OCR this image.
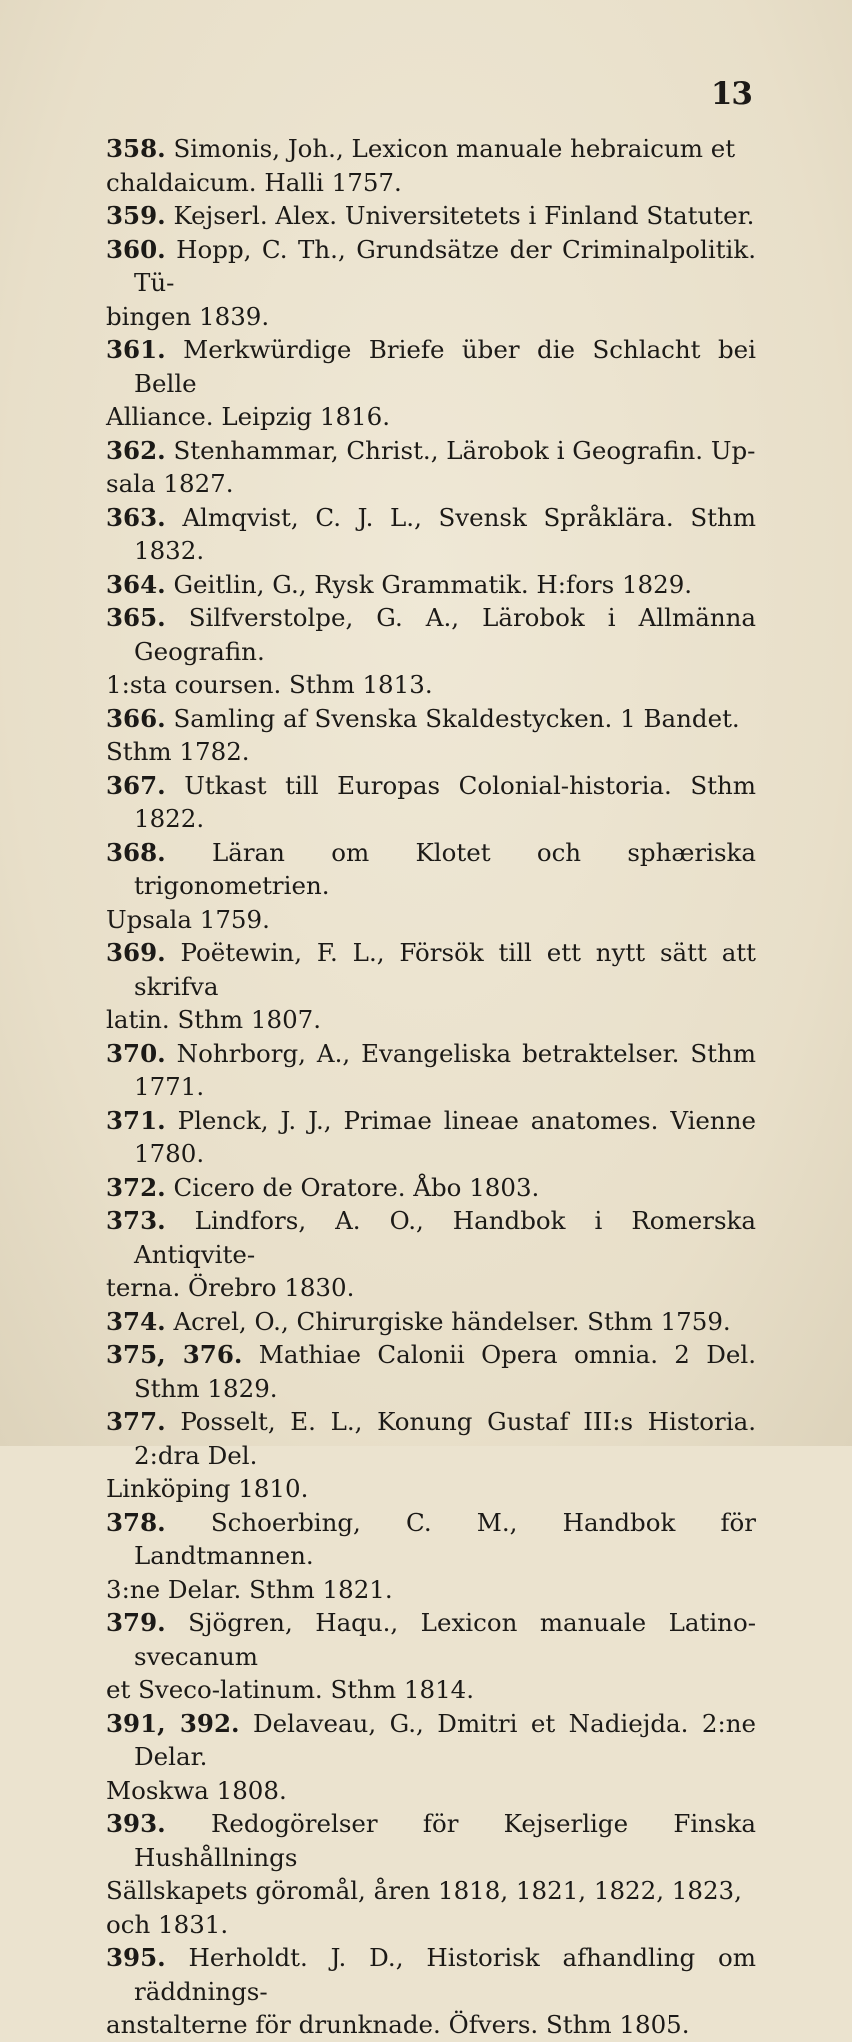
13
358. Simonis, Joh., Lexicon manuale hebraicum et
chaldaicum. Halli 1757.
359. Kejserl. Alex. Universitetets i Finland Statuter.
360. Hopp, C. Th., Grundsätze der Criminalpolitik. Tü-
bingen 1839.
361. Merkwürdige Briefe über die Schlacht bei Belle
Alliance. Leipzig 1816.
362. Stenhammar, Christ., Lärobok i Geografin. Up-
sala 1827.
363. Almqvist, C. J. L., Svensk Språklära. Sthm 1832.
364. Geitlin, G., Rysk Grammatik. H:fors 1829.
365. Silfverstolpe, G. A., Lärobok i Allmänna Geografin.
1:sta coursen. Sthm 1813.
366. Samling af Svenska Skaldestycken. 1 Bandet.
Sthm 1782.
367. Utkast till Europas Colonial-historia. Sthm 1822.
368. Läran om Klotet och sphæriska trigonometrien.
Upsala 1759.
369. Poëtewin, F. L., Försök till ett nytt sätt att skrifva
latin. Sthm 1807.
370. Nohrborg, A., Evangeliska betraktelser. Sthm 1771.
371. Plenck, J. J., Primae lineae anatomes. Vienne 1780.
372. Cicero de Oratore. Åbo 1803.
373. Lindfors, A. O., Handbok i Romerska Antiqvite-
terna. Örebro 1830.
374. Acrel, O., Chirurgiske händelser. Sthm 1759.
375, 376. Mathiae Calonii Opera omnia. 2 Del. Sthm 1829.
377. Posselt, E. L., Konung Gustaf III:s Historia. 2:dra Del.
Linköping 1810.
378. Schoerbing, C. M., Handbok för Landtmannen.
3:ne Delar. Sthm 1821.
379. Sjögren, Haqu., Lexicon manuale Latino-svecanum
et Sveco-latinum. Sthm 1814.
391, 392. Delaveau, G., Dmitri et Nadiejda. 2:ne Delar.
Moskwa 1808.
393. Redogörelser för Kejserlige Finska Hushållnings
Sällskapets göromål, åren 1818, 1821, 1822, 1823,
och 1831.
395. Herholdt. J. D., Historisk afhandling om räddnings-
anstalterne för drunknade. Öfvers. Sthm 1805.
